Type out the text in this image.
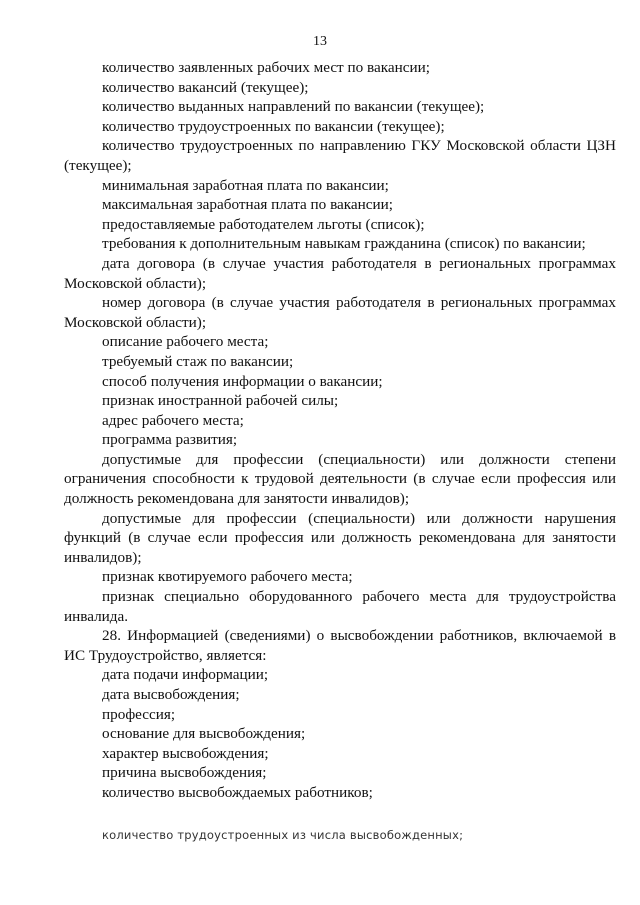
13

количество заявленных рабочих мест по вакансии;

количество вакансий (текущее);

количество выданных направлений по вакансии (текущее);

количество трудоустроенных по вакансии (текущее);

количество трудоустроенных по направлению ГКУ Московской области ЦЗН (текущее);

минимальная заработная плата по вакансии;

максимальная заработная плата по вакансии;

предоставляемые работодателем льготы (список);

требования к дополнительным навыкам гражданина (список) по вакансии;

дата договора (в случае участия работодателя в региональных программах Московской области);

номер договора (в случае участия работодателя в региональных программах Московской области);

описание рабочего места;

требуемый стаж по вакансии;

способ получения информации о вакансии;

признак иностранной рабочей силы;

адрес рабочего места;

программа развития;

допустимые для профессии (специальности) или должности степени ограничения способности к трудовой деятельности (в случае если профессия или должность рекомендована для занятости инвалидов);

допустимые для профессии (специальности) или должности нарушения функций (в случае если профессия или должность рекомендована для занятости инвалидов);

признак квотируемого рабочего места;

признак специально оборудованного рабочего места для трудоустройства инвалида.

28. Информацией (сведениями) о высвобождении работников, включаемой в ИС Трудоустройство, является:

дата подачи информации;

дата высвобождения;

профессия;

основание для высвобождения;

характер высвобождения;

причина высвобождения;

количество высвобождаемых работников;

количество трудоустроенных из числа высвобожденных;
